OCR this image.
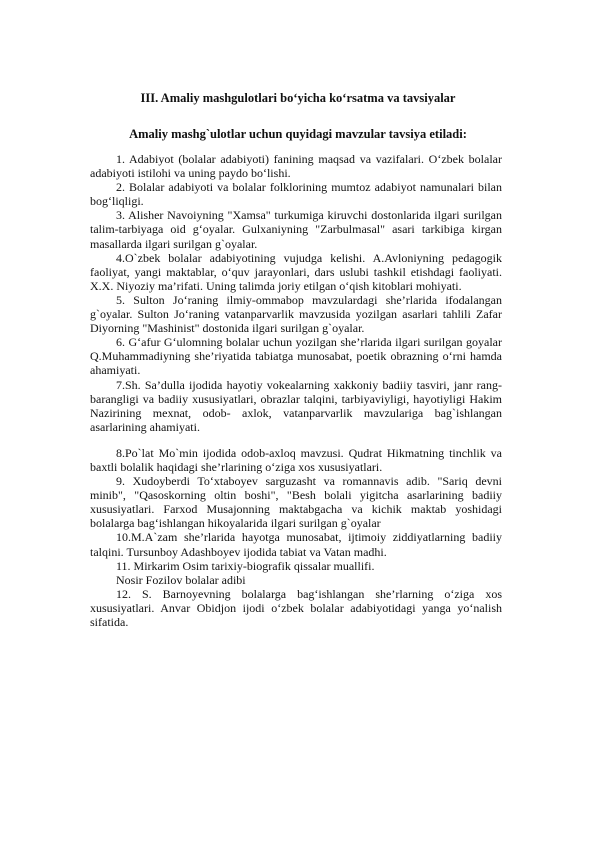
III. Amaliy mashgulotlari bo‘yicha ko‘rsatma va tavsiyalar
Amaliy mashg`ulotlar uchun quyidagi mavzular tavsiya etiladi:

1. Adabiyot (bolalar adabiyoti) fanining maqsad va vazifalari. O‘zbek bolalar adabiyoti istilohi va uning paydo bo‘lishi.

2. Bolalar adabiyoti va bolalar folklorining mumtoz adabiyot namunalari bilan bog‘liqligi.

3. Alisher Navoiyning "Xamsa" turkumiga kiruvchi dostonlarida ilgari surilgan talim-tarbiyaga oid g‘oyalar. Gulxaniyning "Zarbulmasal" asari tarkibiga kirgan masallarda ilgari surilgan g`oyalar.

4.O`zbek bolalar adabiyotining vujudga kelishi. A.Avloniyning pedagogik faoliyat, yangi maktablar, o‘quv jarayonlari, dars uslubi tashkil etishdagi faoliyati. X.X. Niyoziy ma’rifati. Uning talimda joriy etilgan o‘qish kitoblari mohiyati.

5. Sulton Jo‘raning ilmiy-ommabop mavzulardagi she’rlarida ifodalangan g`oyalar. Sulton Jo‘raning vatanparvarlik mavzusida yozilgan asarlari tahlili Zafar Diyorning "Mashinist" dostonida ilgari surilgan g`oyalar.

6. G‘afur G‘ulomning bolalar uchun yozilgan she’rlarida ilgari surilgan goyalar Q.Muhammadiyning she’riyatida tabiatga munosabat, poetik obrazning o‘rni hamda ahamiyati.

7.Sh. Sa’dulla ijodida hayotiy vokealarning xakkoniy badiiy tasviri, janr rang-barangligi va badiiy xususiyatlari, obrazlar talqini, tarbiyaviyligi, hayotiyligi Hakim Nazirining mexnat, odob- axlok, vatanparvarlik mavzulariga bag`ishlangan asarlarining ahamiyati.

8.Po`lat Mo`min ijodida odob-axloq mavzusi. Qudrat Hikmatning tinchlik va baxtli bolalik haqidagi she’rlarining o‘ziga xos xususiyatlari.

9. Xudoyberdi To‘xtaboyev sarguzasht va romannavis adib. "Sariq devni minib", "Qasoskorning oltin boshi", "Besh bolali yigitcha asarlarining badiiy xususiyatlari. Farxod Musajonning maktabgacha va kichik maktab yoshidagi bolalarga bag‘ishlangan hikoyalarida ilgari surilgan g`oyalar

10.M.A`zam she’rlarida hayotga munosabat, ijtimoiy ziddiyatlarning badiiy talqini. Tursunboy Adashboyev ijodida tabiat va Vatan madhi.

11. Mirkarim Osim tarixiy-biografik qissalar muallifi.

Nosir Fozilov bolalar adibi

12. S. Barnoyevning bolalarga bag‘ishlangan she’rlarning o‘ziga xos xususiyatlari. Anvar Obidjon ijodi o‘zbek bolalar adabiyotidagi yanga yo‘nalish sifatida.
